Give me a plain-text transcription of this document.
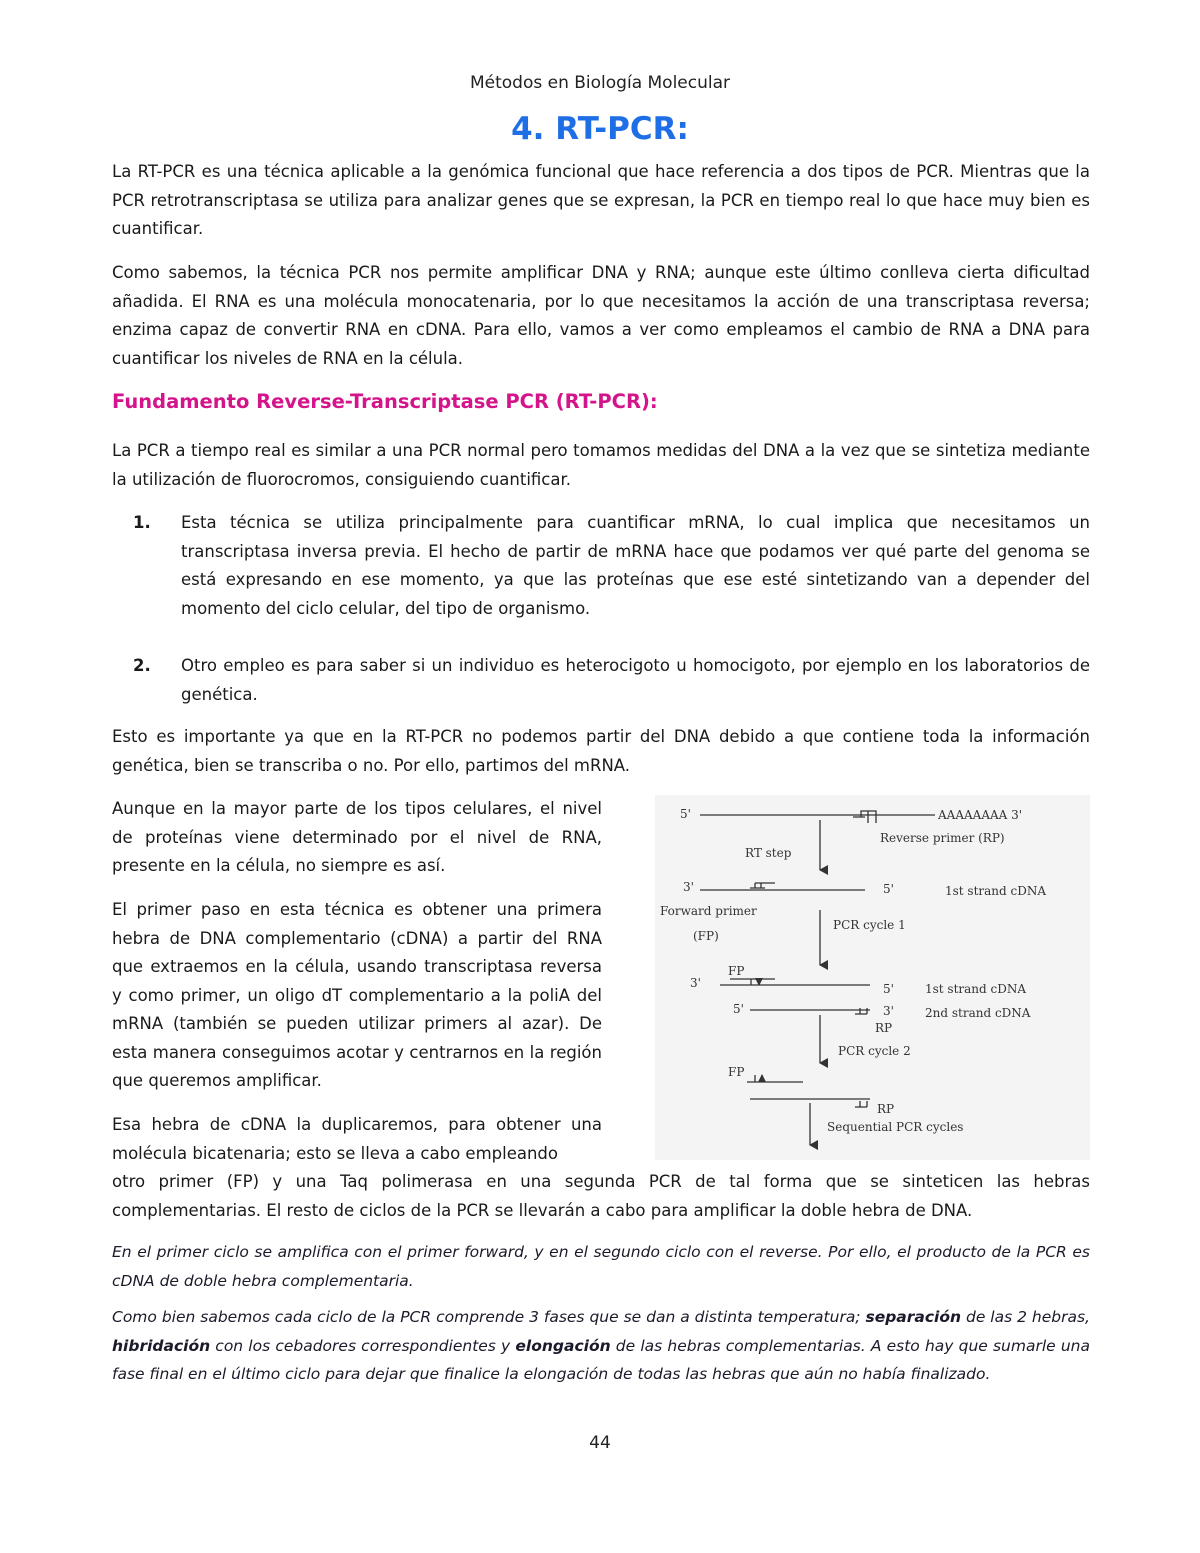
Métodos en Biología Molecular
4. RT-PCR:

La RT-PCR es una técnica aplicable a la genómica funcional que hace referencia a dos tipos de PCR. Mientras que la PCR retrotranscriptasa se utiliza para analizar genes que se expresan, la PCR en tiempo real lo que hace muy bien es cuantificar.

Como sabemos, la técnica PCR nos permite amplificar DNA y RNA; aunque este último conlleva cierta dificultad añadida. El RNA es una molécula monocatenaria, por lo que necesitamos la acción de una transcriptasa reversa; enzima capaz de convertir RNA en cDNA. Para ello, vamos a ver como empleamos el cambio de RNA a DNA para cuantificar los niveles de RNA en la célula.

Fundamento Reverse-Transcriptase PCR (RT-PCR):

La PCR a tiempo real es similar a una PCR normal pero tomamos medidas del DNA a la vez que se sintetiza mediante la utilización de fluorocromos, consiguiendo cuantificar.

1. Esta técnica se utiliza principalmente para cuantificar mRNA, lo cual implica que necesitamos un transcriptasa inversa previa. El hecho de partir de mRNA hace que podamos ver qué parte del genoma se está expresando en ese momento, ya que las proteínas que ese esté sintetizando van a depender del momento del ciclo celular, del tipo de organismo.

2. Otro empleo es para saber si un individuo es heterocigoto u homocigoto, por ejemplo en los laboratorios de genética.

Esto es importante ya que en la RT-PCR no podemos partir del DNA debido a que contiene toda la información genética, bien se transcriba o no. Por ello, partimos del mRNA.

Aunque en la mayor parte de los tipos celulares, el nivel de proteínas viene determinado por el nivel de RNA, presente en la célula, no siempre es así.

El primer paso en esta técnica es obtener una primera hebra de DNA complementario (cDNA) a partir del RNA que extraemos en la célula, usando transcriptasa reversa y como primer, un oligo dT complementario a la poliA del mRNA (también se pueden utilizar primers al azar). De esta manera conseguimos acotar y centrarnos en la región que queremos amplificar.

Esa hebra de cDNA la duplicaremos, para obtener una molécula bicatenaria; esto se lleva a cabo empleando

otro primer (FP) y una Taq polimerasa en una segunda PCR de tal forma que se sinteticen las hebras complementarias. El resto de ciclos de la PCR se llevarán a cabo para amplificar la doble hebra de DNA.

En el primer ciclo se amplifica con el primer forward, y en el segundo ciclo con el reverse. Por ello, el producto de la PCR es cDNA de doble hebra complementaria.

Como bien sabemos cada ciclo de la PCR comprende 3 fases que se dan a distinta temperatura; separación de las 2 hebras, hibridación con los cebadores correspondientes y elongación de las hebras complementarias. A esto hay que sumarle una fase final en el último ciclo para dejar que finalice la elongación de todas las hebras que aún no había finalizado.

5'	AAAAAAAA 3'
Reverse primer (RP)
RT step
3'	5'	1st strand cDNA
Forward primer
(FP)
PCR cycle 1
3'
FP
5'	1st strand cDNA
5'	3'	2nd strand cDNA
RP
PCR cycle 2
FP
RP
Sequential PCR cycles
44
